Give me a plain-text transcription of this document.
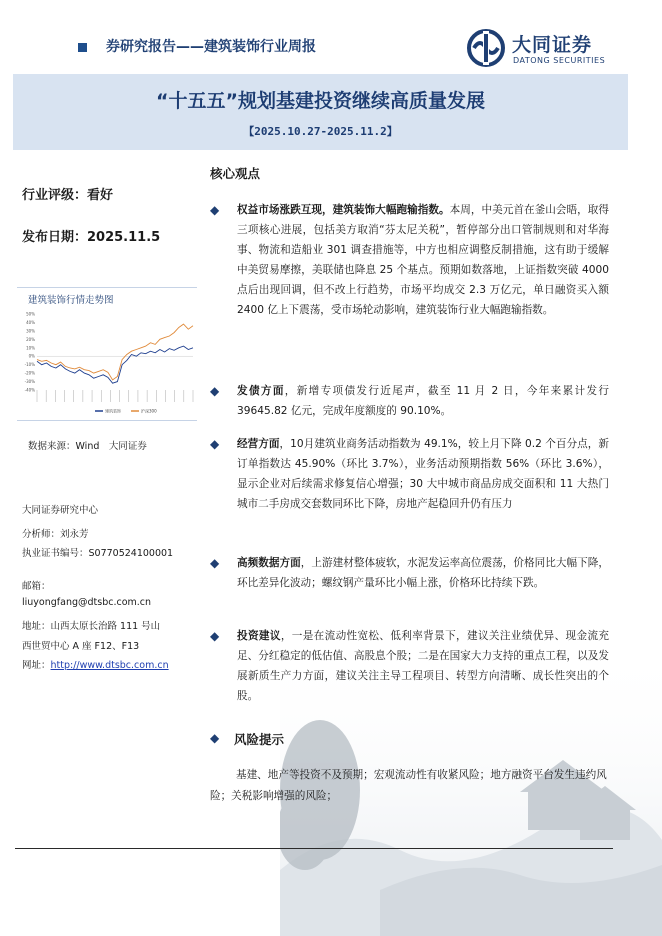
券研究报告——建筑装饰行业周报	大同证券
DATONG SECURITIES
“十五五”规划基建投资继续高质量发展
【2025.10.27-2025.11.2】
行业评级：看好
发布日期：2025.11.5
建筑装饰行情走势图
50%
40%
30%
20%
10%
0%
-10%
-20%
-30%
-40%
建筑装饰	沪深300
数据来源：Wind　大同证券
大同证券研究中心
分析师：刘永芳
执业证书编号：S0770524100001
邮箱：
liuyongfang@dtsbc.com.cn
地址：山西太原长治路 111 号山
西世贸中心 A 座 F12、F13
网址：http://www.dtsbc.com.cn
核心观点
◆ 权益市场涨跌互现，建筑装饰大幅跑输指数。本周，中美元首在釜山会晤，取得三项核心进展，包括美方取消“芬太尼关税”，暂停部分出口管制规则和对华海事、物流和造船业 301 调查措施等，中方也相应调整反制措施，这有助于缓解中美贸易摩擦，美联储也降息 25 个基点。预期如数落地，上证指数突破 4000 点后出现回调，但不改上行趋势，市场平均成交 2.3 万亿元，单日融资买入额 2400 亿上下震荡，受市场轮动影响，建筑装饰行业大幅跑输指数。
◆ 发债方面，新增专项债发行近尾声，截至 11 月 2 日，今年来累计发行 39645.82 亿元，完成年度额度的 90.10%。
◆ 经营方面，10月建筑业商务活动指数为 49.1%，较上月下降 0.2 个百分点，新订单指数达 45.90%（环比 3.7%），业务活动预期指数 56%（环比 3.6%），显示企业对后续需求修复信心增强；30 大中城市商品房成交面积和 11 大热门城市二手房成交套数同环比下降，房地产起稳回升仍有压力
◆ 高频数据方面，上游建材整体疲软，水泥发运率高位震荡，价格同比大幅下降，环比差异化波动；螺纹钢产量环比小幅上涨，价格环比持续下跌。
◆ 投资建议，一是在流动性宽松、低利率背景下，建议关注业绩优异、现金流充足、分红稳定的低估值、高股息个股；二是在国家大力支持的重点工程，以及发展新质生产力方面，建议关注主导工程项目、转型方向清晰、成长性突出的个股。
◆ 风险提示
基建、地产等投资不及预期；宏观流动性有收紧风险；地方融资平台发生违约风险；关税影响增强的风险；
